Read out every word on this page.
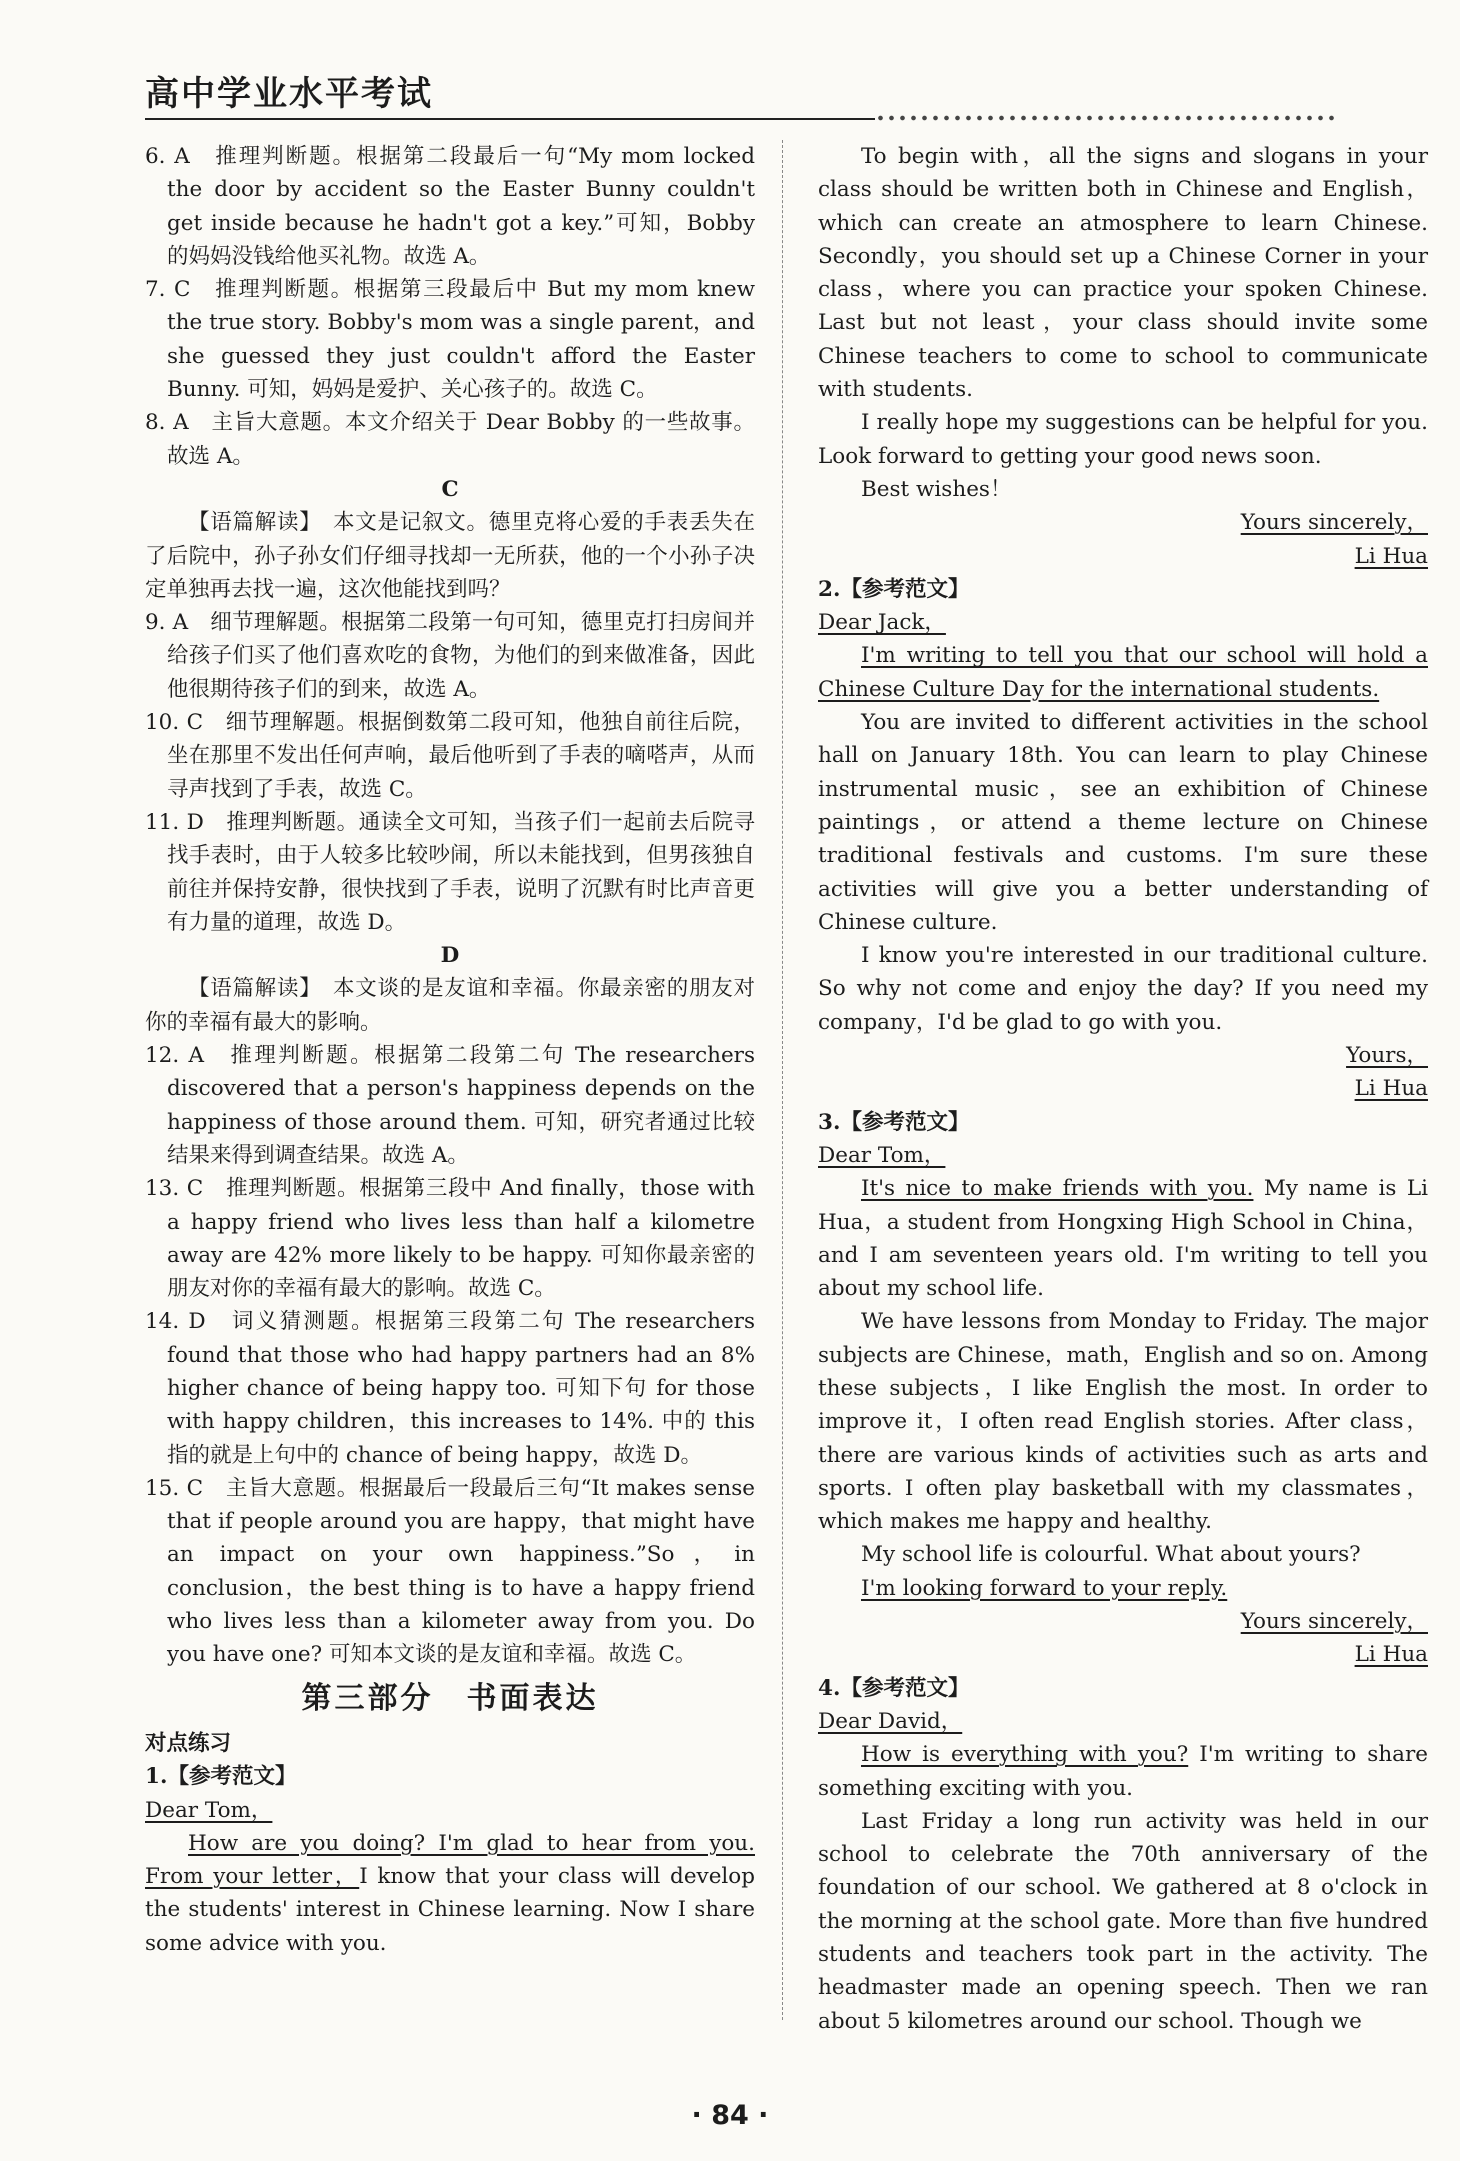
高中学业水平考试

6. A　推理判断题。根据第二段最后一句“My mom locked the door by accident so the Easter Bunny couldn't get inside because he hadn't got a key.”可知，Bobby 的妈妈没钱给他买礼物。故选 A。

7. C　推理判断题。根据第三段最后中 But my mom knew the true story. Bobby's mom was a single parent，and she guessed they just couldn't afford the Easter Bunny. 可知，妈妈是爱护、关心孩子的。故选 C。

8. A　主旨大意题。本文介绍关于 Dear Bobby 的一些故事。故选 A。

C

【语篇解读】　本文是记叙文。德里克将心爱的手表丢失在了后院中，孙子孙女们仔细寻找却一无所获，他的一个小孙子决定单独再去找一遍，这次他能找到吗？

9. A　细节理解题。根据第二段第一句可知，德里克打扫房间并给孩子们买了他们喜欢吃的食物，为他们的到来做准备，因此他很期待孩子们的到来，故选 A。

10. C　细节理解题。根据倒数第二段可知，他独自前往后院，坐在那里不发出任何声响，最后他听到了手表的嘀嗒声，从而寻声找到了手表，故选 C。

11. D　推理判断题。通读全文可知，当孩子们一起前去后院寻找手表时，由于人较多比较吵闹，所以未能找到，但男孩独自前往并保持安静，很快找到了手表，说明了沉默有时比声音更有力量的道理，故选 D。

D

【语篇解读】　本文谈的是友谊和幸福。你最亲密的朋友对你的幸福有最大的影响。

12. A　推理判断题。根据第二段第二句 The researchers discovered that a person's happiness depends on the happiness of those around them. 可知，研究者通过比较结果来得到调查结果。故选 A。

13. C　推理判断题。根据第三段中 And finally，those with a happy friend who lives less than half a kilometre away are 42% more likely to be happy. 可知你最亲密的朋友对你的幸福有最大的影响。故选 C。

14. D　词义猜测题。根据第三段第二句 The researchers found that those who had happy partners had an 8% higher chance of being happy too. 可知下句 for those with happy children，this increases to 14%. 中的 this 指的就是上句中的 chance of being happy，故选 D。

15. C　主旨大意题。根据最后一段最后三句“It makes sense that if people around you are happy，that might have an impact on your own happiness.”So，in conclusion，the best thing is to have a happy friend who lives less than a kilometer away from you. Do you have one? 可知本文谈的是友谊和幸福。故选 C。

第三部分　书面表达

对点练习

1.【参考范文】

Dear Tom，

How are you doing? I'm glad to hear from you. From your letter，I know that your class will develop the students' interest in Chinese learning. Now I share some advice with you.

To begin with，all the signs and slogans in your class should be written both in Chinese and English，which can create an atmosphere to learn Chinese. Secondly，you should set up a Chinese Corner in your class，where you can practice your spoken Chinese. Last but not least，your class should invite some Chinese teachers to come to school to communicate with students.

I really hope my suggestions can be helpful for you. Look forward to getting your good news soon.

Best wishes！

Yours sincerely，

Li Hua

2.【参考范文】

Dear Jack，

I'm writing to tell you that our school will hold a Chinese Culture Day for the international students.

You are invited to different activities in the school hall on January 18th. You can learn to play Chinese instrumental music，see an exhibition of Chinese paintings，or attend a theme lecture on Chinese traditional festivals and customs. I'm sure these activities will give you a better understanding of Chinese culture.

I know you're interested in our traditional culture. So why not come and enjoy the day? If you need my company，I'd be glad to go with you.

Yours，

Li Hua

3.【参考范文】

Dear Tom，

It's nice to make friends with you. My name is Li Hua，a student from Hongxing High School in China，and I am seventeen years old. I'm writing to tell you about my school life.

We have lessons from Monday to Friday. The major subjects are Chinese，math，English and so on. Among these subjects，I like English the most. In order to improve it，I often read English stories. After class，there are various kinds of activities such as arts and sports. I often play basketball with my classmates，which makes me happy and healthy.

My school life is colourful. What about yours?

I'm looking forward to your reply.

Yours sincerely，

Li Hua

4.【参考范文】

Dear David，

How is everything with you? I'm writing to share something exciting with you.

Last Friday a long run activity was held in our school to celebrate the 70th anniversary of the foundation of our school. We gathered at 8 o'clock in the morning at the school gate. More than five hundred students and teachers took part in the activity. The headmaster made an opening speech. Then we ran about 5 kilometres around our school. Though we

· 84 ·
